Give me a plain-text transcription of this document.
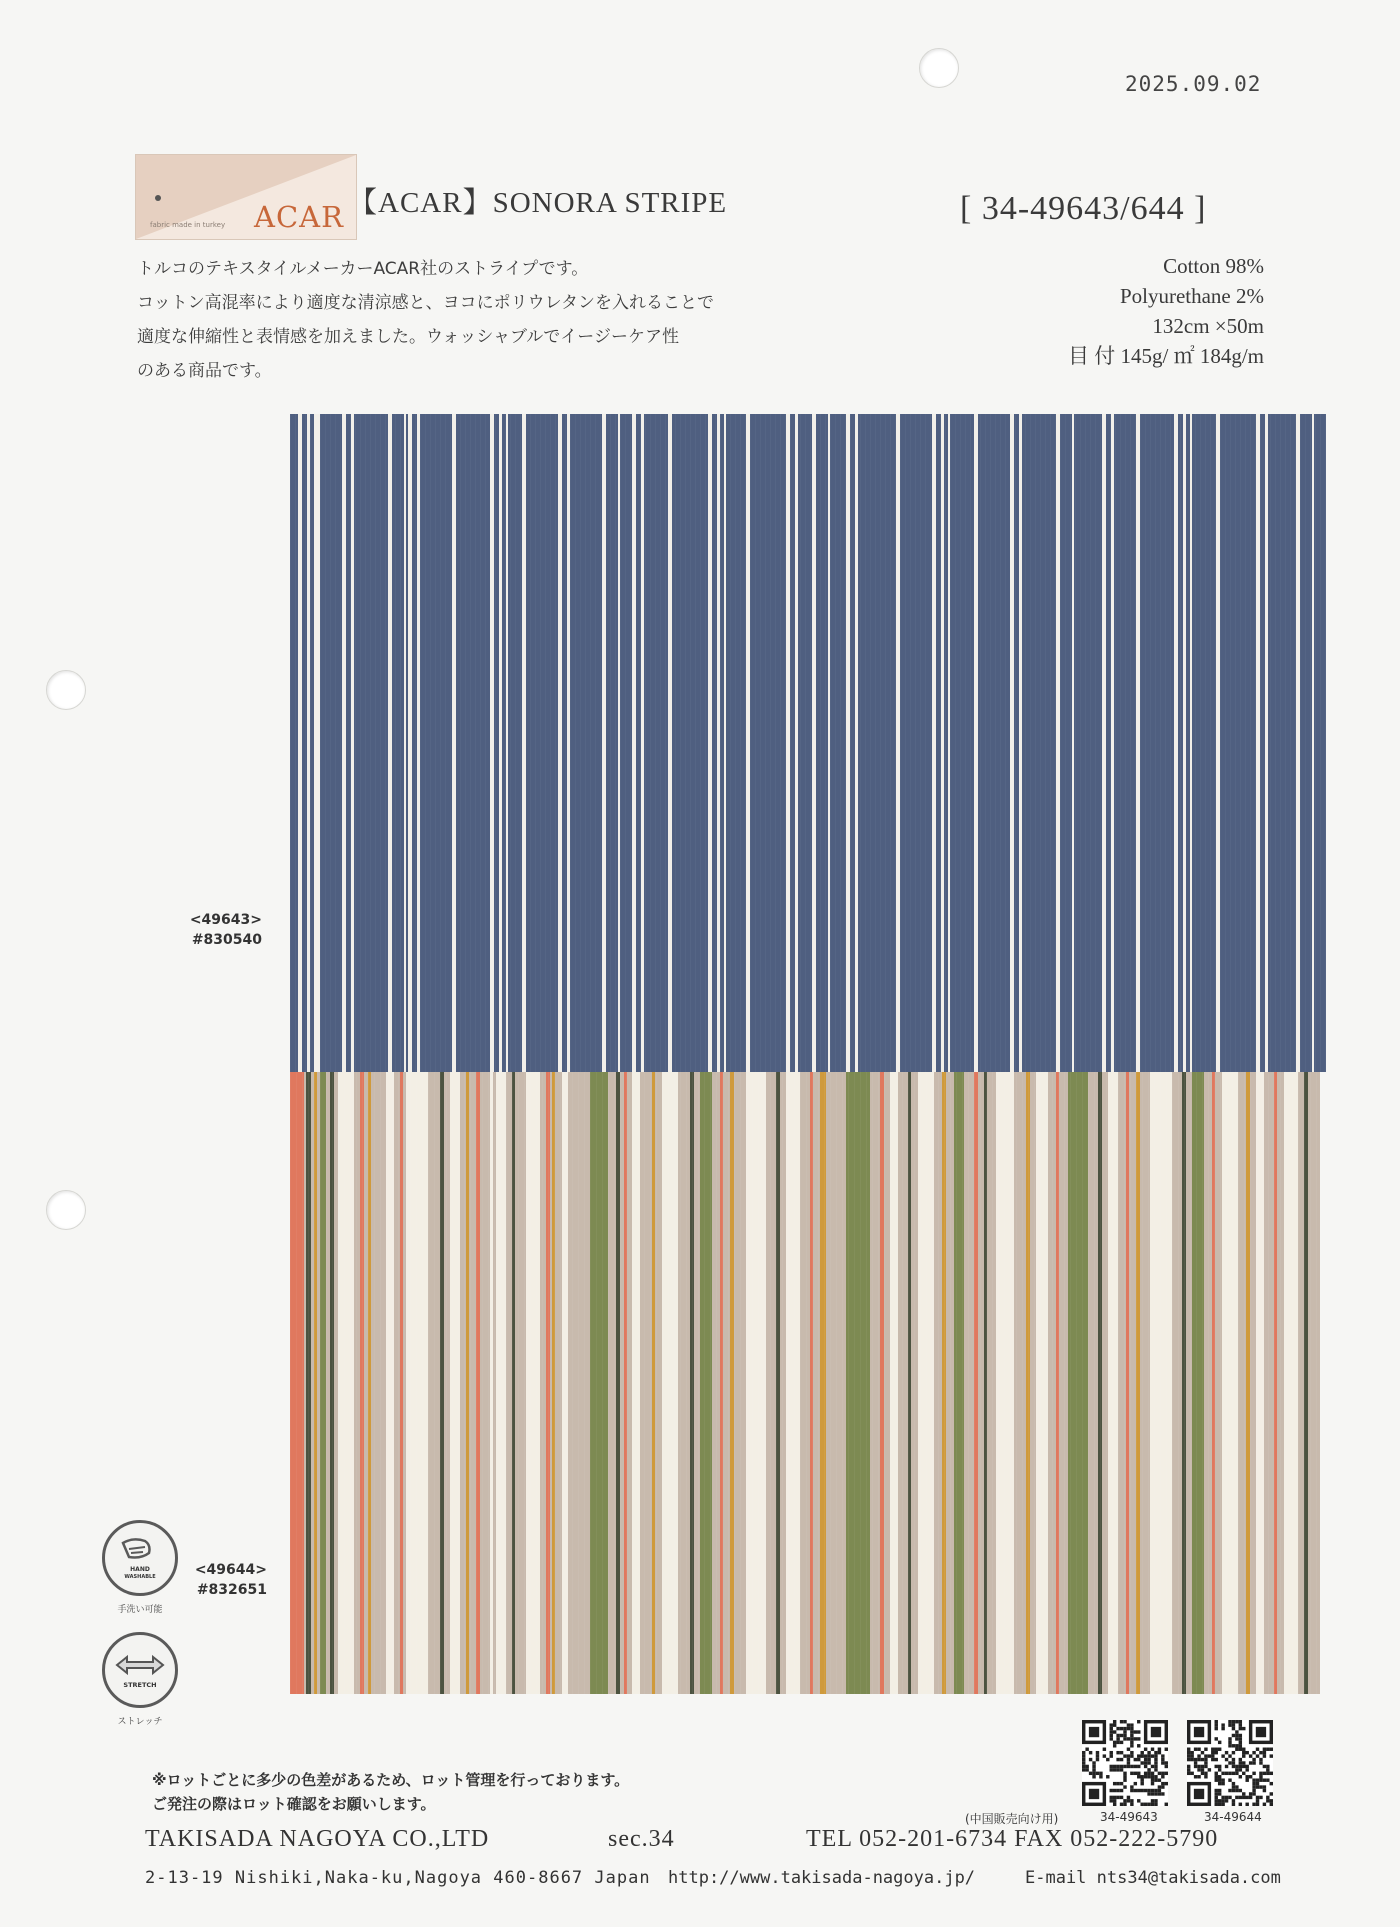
2025.09.02
fabric made in turkey ACAR 【ACAR】SONORA STRIPE	[ 34-49643/644 ]
トルコのテキスタイルメーカーACAR社のストライプです。
コットン高混率により適度な清涼感と、ヨコにポリウレタンを入れることで
適度な伸縮性と表情感を加えました。ウォッシャブルでイージーケア性
のある商品です。
Cotton 98%
Polyurethane 2%
132cm ×50m
目 付 145g/ ㎡ 184g/m
<49643>
#830540
<49644>
#832651
HAND
WASHABLE
手洗い可能
STRETCH
ストレッチ
※ロットごとに多少の色差があるため、ロット管理を行っております。
ご発注の際はロット確認をお願いします。
(中国販売向け用)	34-49643	34-49644
TAKISADA NAGOYA CO.,LTD	sec.34	TEL 052-201-6734 FAX 052-222-5790
2-13-19 Nishiki,Naka-ku,Nagoya 460-8667 Japan http://www.takisada-nagoya.jp/	E-mail nts34@takisada.com
